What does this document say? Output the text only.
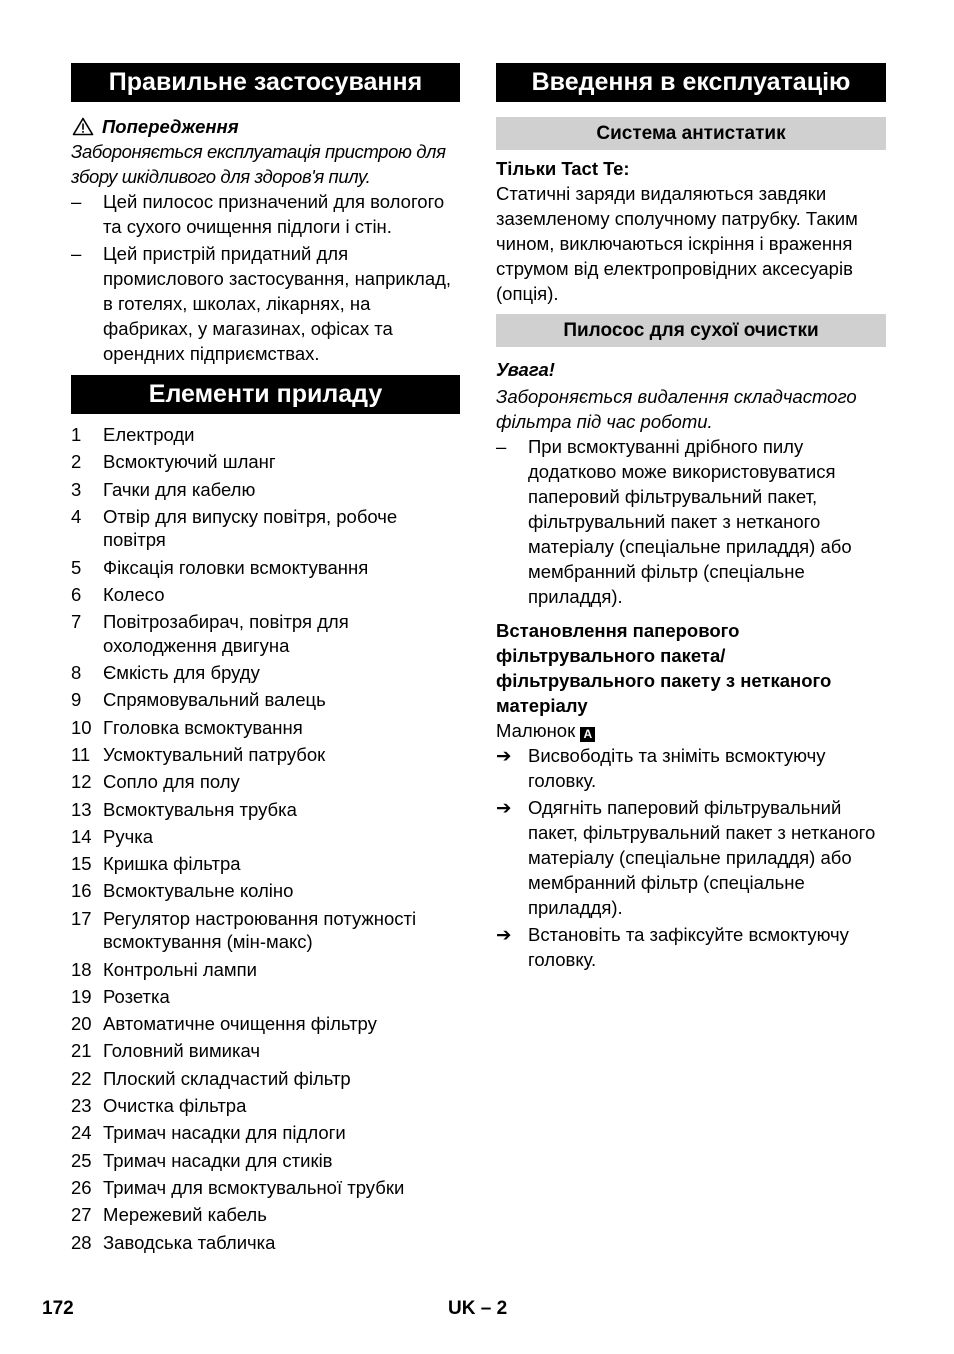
Правильне застосування
Попередження
Забороняється експлуатація пристрою для збору шкідливого для здоров'я пилу.
–	Цей пилосос призначений для вологого та сухого очищення підлоги і стін.
–	Цей пристрій придатний для промислового застосування, наприклад, в готелях, школах, лікарнях, на фабриках, у магазинах, офісах та орендних підприємствах.
Елементи приладу
1	Електроди
2	Всмоктуючий шланг
3	Гачки для кабелю
4	Отвір для випуску повітря, робоче повітря
5	Фіксація головки всмоктування
6	Колесо
7	Повітрозабирач, повітря для охолодження двигуна
8	Ємкість для бруду
9	Спрямовувальний валець
10 Гголовка всмоктування
11 Усмоктувальний патрубок
12 Сопло для полу
13 Всмоктувальня трубка
14 Ручка
15 Кришка фільтра
16 Всмоктувальне коліно
17 Регулятор настроювання потужності всмоктування (мін-макс)
18 Контрольні лампи
19 Розетка
20 Автоматичне очищення фільтру
21 Головний вимикач
22 Плоский складчастий фільтр
23 Очистка фільтра
24 Тримач насадки для підлоги
25 Тримач насадки для стиків
26 Тримач для всмоктувальної трубки
27 Мережевий кабель
28 Заводська табличка
Введення в експлуатацію
Система антистатик
Тільки Tact Te:
Статичні заряди видаляються завдяки заземленому сполучному патрубку. Таким чином, виключаються іскріння і враження струмом від електропровідних аксесуарів (опція).
Пилосос для сухої очистки
Увага!
Забороняється видалення складчастого фільтра під час роботи.
–	При всмоктуванні дрібного пилу додатково може використовуватися паперовий фільтрувальний пакет, фільтрувальний пакет з нетканого матеріалу (спеціальне приладдя) або мембранний фільтр (спеціальне приладдя).
Встановлення паперового фільтрувального пакета/ фільтрувального пакету з нетканого матеріалу
Малюнок A
➔ Висвободіть та зніміть всмоктуючу головку.
➔ Одягніть паперовий фільтрувальний пакет, фільтрувальний пакет з нетканого матеріалу (спеціальне приладдя) або мембранний фільтр (спеціальне приладдя).
➔ Встановіть та зафіксуйте всмоктуючу головку.
172	UK – 2
